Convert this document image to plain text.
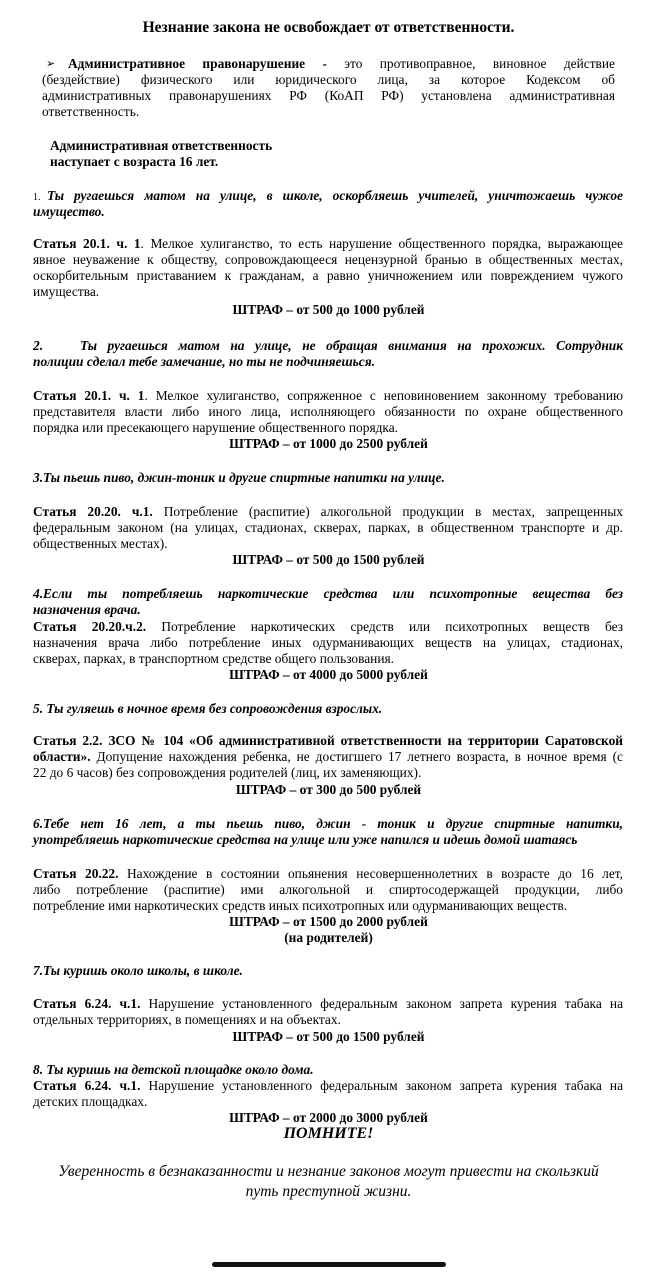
Незнание закона не освобождает от ответственности.

➢ Административное правонарушение - это противоправное, виновное действие

(бездействие) физического или юридического лица, за которое Кодексом об

административных правонарушениях РФ (КоАП РФ) установлена административная

ответственность.

Административная ответственность

наступает с возраста 16 лет.

1. Ты ругаешься матом на улице, в школе, оскорбляешь учителей, уничтожаешь чужое

имущество.

Статья 20.1. ч. 1. Мелкое хулиганство, то есть нарушение общественного порядка, выражающее

явное неуважение к обществу, сопровождающееся нецензурной бранью в общественных местах,

оскорбительным приставанием к гражданам, а равно уничножением или повреждением чужого

имущества.

ШТРАФ – от 500 до 1000 рублей

2.	Ты ругаешься матом на улице, не обращая внимания на прохожих. Сотрудник

полиции сделал тебе замечание, но ты не подчиняешься.

Статья 20.1. ч. 1. Мелкое хулиганство, сопряженное с неповиновением законному требованию

представителя власти либо иного лица, исполняющего обязанности по охране общественного

порядка или пресекающего нарушение общественного порядка.

ШТРАФ – от 1000 до 2500 рублей

3.Ты пьешь пиво, джин-тоник и другие спиртные напитки на улице.

Статья 20.20. ч.1. Потребление (распитие) алкогольной продукции в местах, запрещенных

федеральным законом (на улицах, стадионах, скверах, парках, в общественном транспорте и др.

общественных местах).

ШТРАФ – от 500 до 1500 рублей

4.Если ты потребляешь наркотические средства или психотропные вещества без

назначения врача.

Статья 20.20.ч.2. Потребление наркотических средств или психотропных веществ без

назначения врача либо потребление иных одурманивающих веществ на улицах, стадионах,

скверах, парках, в транспортном средстве общего пользования.

ШТРАФ – от 4000 до 5000 рублей

5. Ты гуляешь в ночное время без сопровождения взрослых.

Статья 2.2. ЗСО № 104 «Об административной ответственности на территории Саратовской

области». Допущение нахождения ребенка, не достигшего 17 летнего возраста, в ночное время (с

22 до 6 часов) без сопровождения родителей (лиц, их заменяющих).

ШТРАФ – от 300 до 500 рублей

6.Тебе нет 16 лет, а ты пьешь пиво, джин - тоник и другие спиртные напитки,

употребляешь наркотические средства на улице или уже напился и идешь домой шатаясь

Статья 20.22. Нахождение в состоянии опьянения несовершеннолетних в возрасте до 16 лет,

либо потребление (распитие) ими алкогольной и спиртосодержащей продукции, либо

потребление ими наркотических средств иных психотропных или одурманивающих веществ.

ШТРАФ – от 1500 до 2000 рублей

(на родителей)

7.Ты куришь около школы, в школе.

Статья 6.24. ч.1. Нарушение установленного федеральным законом запрета курения табака на

отдельных территориях, в помещениях и на объектах.

ШТРАФ – от 500 до 1500 рублей

8. Ты куришь на детской площадке около дома.

Статья 6.24. ч.1. Нарушение установленного федеральным законом запрета курения табака на

детских площадках.

ШТРАФ – от 2000 до 3000 рублей

ПОМНИТЕ!

Уверенность в безнаказанности и незнание законов могут привести на скользкий

путь преступной жизни.
